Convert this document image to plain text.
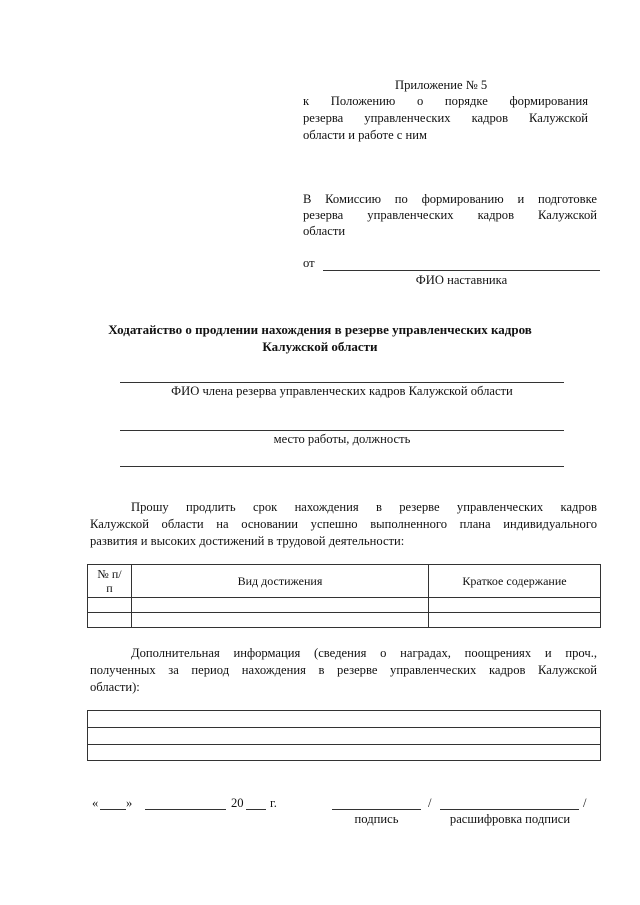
Приложение № 5
к Положению о порядке формирования
резерва управленческих кадров Калужской
области и работе с ним
В Комиссию по формированию и подготовке
резерва управленческих кадров Калужской
области
от
ФИО наставника
Ходатайство о продлении нахождения в резерве управленческих кадров
Калужской области
ФИО члена резерва управленческих кадров Калужской области
место работы, должность
Прошу продлить срок нахождения в резерве управленческих кадров
Калужской области на основании успешно выполненного плана индивидуального
развития и высоких достижений в трудовой деятельности:
№ п/
п	Вид достижения	Краткое содержание

Дополнительная информация (сведения о наградах, поощрениях и проч.,
полученных за период нахождения в резерве управленческих кадров Калужской
области):
« »	20 г.	/	/
подпись	расшифровка подписи
